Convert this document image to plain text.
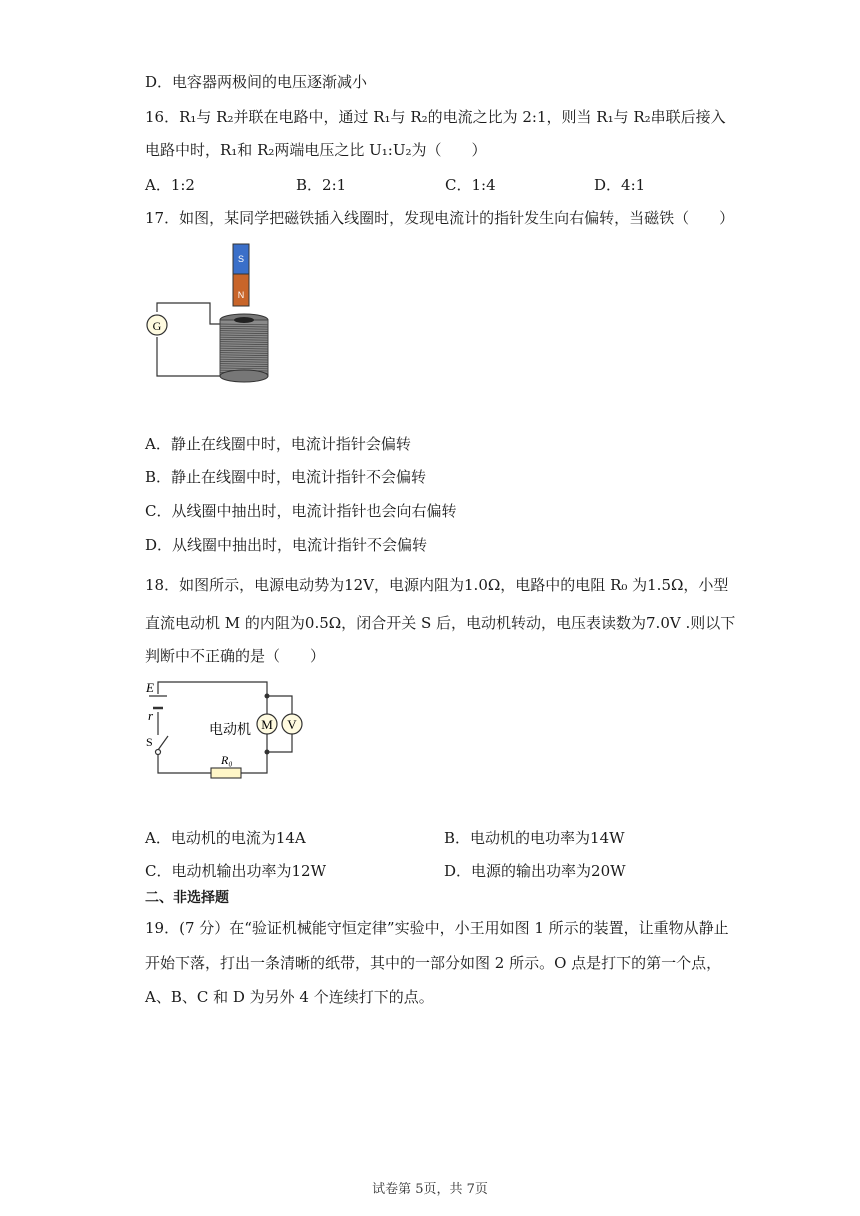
D．电容器两极间的电压逐渐减小
16．R₁与 R₂并联在电路中，通过 R₁与 R₂的电流之比为 2:1，则当 R₁与 R₂串联后接入
电路中时，R₁和 R₂两端电压之比 U₁:U₂为（　　）
A．1:2	B．2:1	C．1:4	D．4:1
17．如图，某同学把磁铁插入线圈时，发现电流计的指针发生向右偏转，当磁铁（　　）
G
S
N
A．静止在线圈中时，电流计指针会偏转
B．静止在线圈中时，电流计指针不会偏转
C．从线圈中抽出时，电流计指针也会向右偏转
D．从线圈中抽出时，电流计指针不会偏转
18．如图所示，电源电动势为12V，电源内阻为1.0Ω，电路中的电阻 R₀ 为1.5Ω，小型
直流电动机 M 的内阻为0.5Ω，闭合开关 S 后，电动机转动，电压表读数为7.0V .则以下
判断中不正确的是（　　）
E
r
S
M
电动机	V
R₀
A．电动机的电流为14A	B．电动机的电功率为14W
C．电动机输出功率为12W	D．电源的输出功率为20W
二、非选择题
19．(7 分）在“验证机械能守恒定律”实验中，小王用如图 1 所示的装置，让重物从静止
开始下落，打出一条清晰的纸带，其中的一部分如图 2 所示。O 点是打下的第一个点，
A、B、C 和 D 为另外 4 个连续打下的点。
试卷第 5页，共 7页
